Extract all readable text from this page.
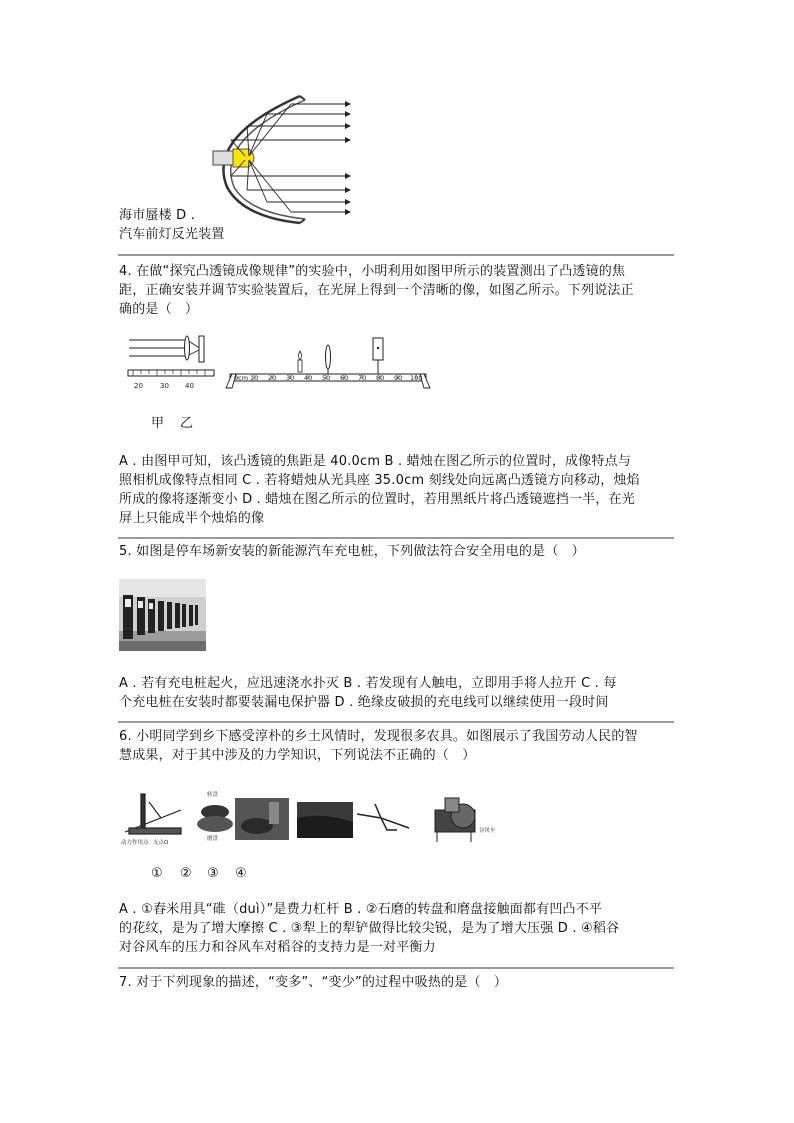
海市蜃楼 D .
汽车前灯反光装置
4. 在做“探究凸透镜成像规律”的实验中，小明利用如图甲所示的装置测出了凸透镜的焦
距，正确安装并调节实验装置后，在光屏上得到一个清晰的像，如图乙所示。下列说法正
确的是（　）
20 30 40
0cm 10 20 30 40 50 60 70 80 90 100
甲 乙
A . 由图甲可知，该凸透镜的焦距是 40.0cm B . 蜡烛在图乙所示的位置时，成像特点与
照相机成像特点相同 C . 若将蜡烛从光具座 35.0cm 刻线处向远离凸透镜方向移动，烛焰
所成的像将逐渐变小 D . 蜡烛在图乙所示的位置时，若用黑纸片将凸透镜遮挡一半，在光
屏上只能成半个烛焰的像
5. 如图是停车场新安装的新能源汽车充电桩，下列做法符合安全用电的是（　）
A . 若有充电桩起火，应迅速浇水扑灭 B . 若发现有人触电，立即用手将人拉开 C . 每
个充电桩在安装时都要装漏电保护器 D . 绝缘皮破损的充电线可以继续使用一段时间
6. 小明同学到乡下感受淳朴的乡土风情时，发现很多农具。如图展示了我国劳动人民的智
慧成果，对于其中涉及的力学知识，下列说法不正确的（　）
动力作用点 支点O
转盘
磨盘
谷风车
① ② ③ ④
A . ①舂米用具“碓（duì）”是费力杠杆 B . ②石磨的转盘和磨盘接触面都有凹凸不平
的花纹，是为了增大摩擦 C . ③犁上的犁铲做得比较尖锐，是为了增大压强 D . ④稻谷
对谷风车的压力和谷风车对稻谷的支持力是一对平衡力
7. 对于下列现象的描述，“变多”、“变少”的过程中吸热的是（　）
